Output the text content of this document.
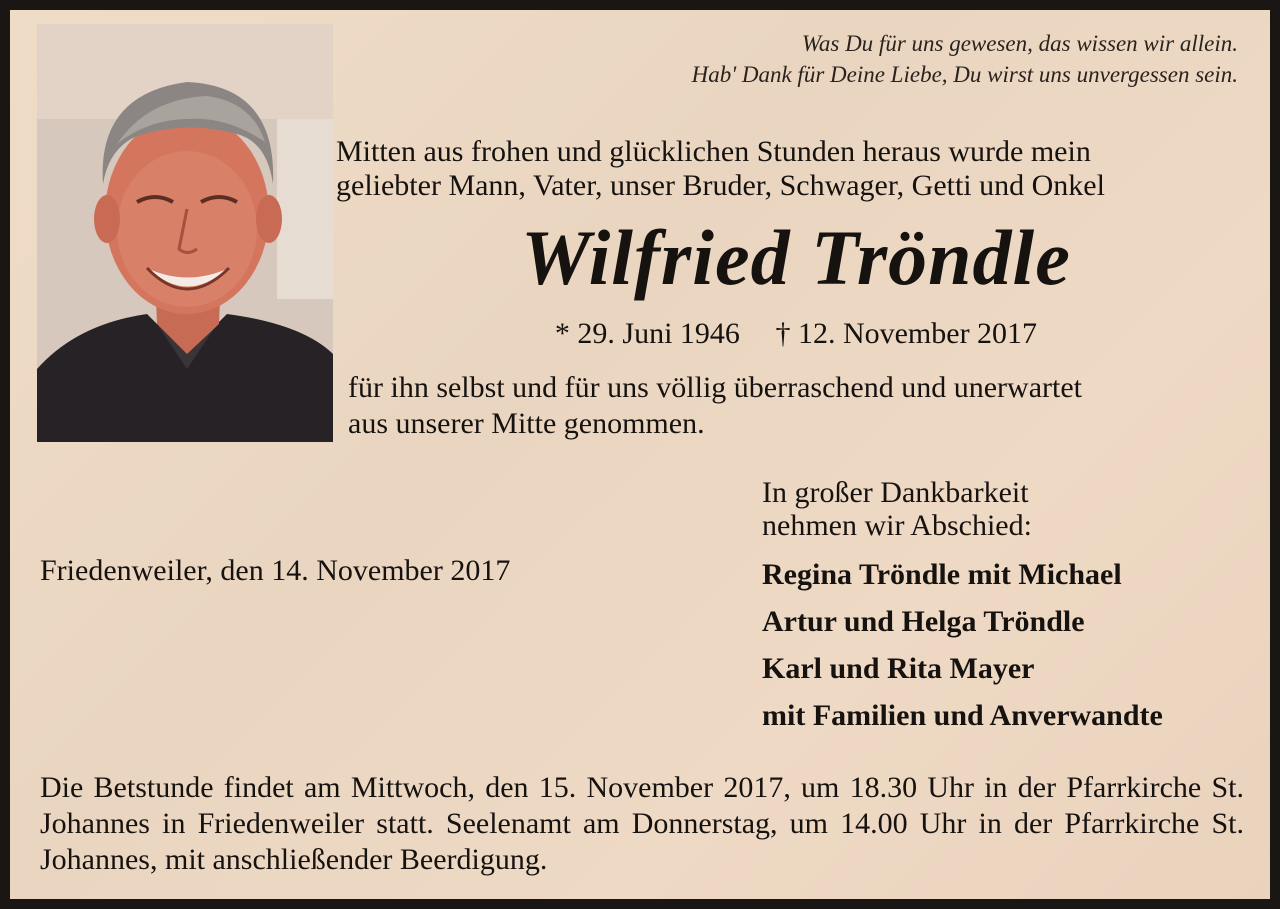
Was Du für uns gewesen, das wissen wir allein.
Hab' Dank für Deine Liebe, Du wirst uns unvergessen sein.
Mitten aus frohen und glücklichen Stunden heraus wurde mein
geliebter Mann, Vater, unser Bruder, Schwager, Getti und Onkel
Wilfried Tröndle
* 29. Juni 1946 † 12. November 2017
für ihn selbst und für uns völlig überraschend und unerwartet
aus unserer Mitte genommen.
Friedenweiler, den 14. November 2017
In großer Dankbarkeit
nehmen wir Abschied:
Regina Tröndle mit Michael
Artur und Helga Tröndle
Karl und Rita Mayer
mit Familien und Anverwandte
Die Betstunde findet am Mittwoch, den 15. November 2017, um 18.30 Uhr in der Pfarrkirche St. Johannes in Friedenweiler statt. Seelenamt am Donnerstag, um 14.00 Uhr in der Pfarrkirche St. Johannes, mit anschließender Beerdigung.
